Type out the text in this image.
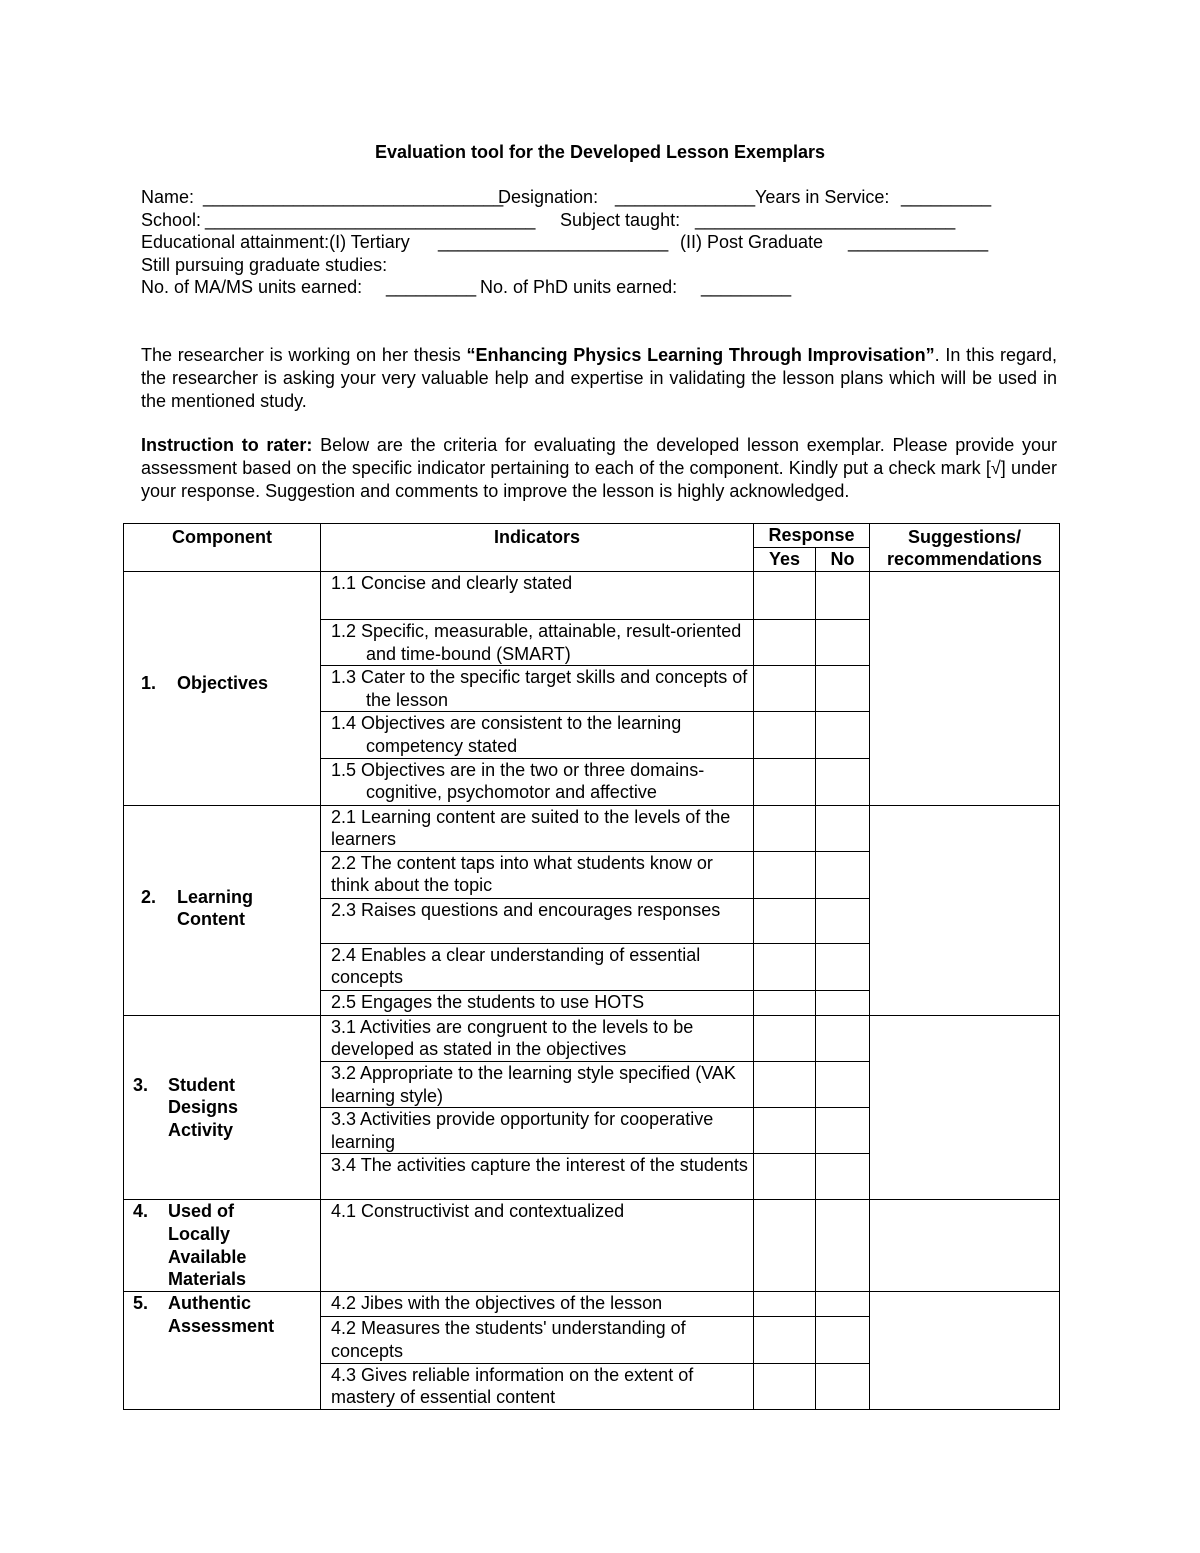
Evaluation tool for the Developed Lesson Exemplars
Name: ______________________________
Designation: ______________ Years in Service: _________
School: _________________________________ Subject taught: __________________________
Educational attainment:(I) Tertiary _______________________ (II) Post Graduate ______________
Still pursuing graduate studies:
No. of MA/MS units earned: _________ No. of PhD units earned: _________
The researcher is working on her thesis “Enhancing Physics Learning Through Improvisation”. In this regard, the researcher is asking your very valuable help and expertise in validating the lesson plans which will be used in the mentioned study.
Instruction to rater: Below are the criteria for evaluating the developed lesson exemplar. Please provide your assessment based on the specific indicator pertaining to each of the component. Kindly put a check mark [√] under your response. Suggestion and comments to improve the lesson is highly acknowledged.
Component	Indicators	Response		Suggestions/
recommendations

		Yes	No	

1. Objectives	1.1 Concise and clearly stated			

	1.2 Specific, measurable, attainable, result-oriented and time-bound (SMART)			

	1.3 Cater to the specific target skills and concepts of the lesson			

	1.4 Objectives are consistent to the learning competency stated			

	1.5 Objectives are in the two or three domains- cognitive, psychomotor and affective			

2. Learning
Content	2.1 Learning content are suited to the levels of the learners			

	2.2 The content taps into what students know or think about the topic			

	2.3 Raises questions and encourages responses			

	2.4 Enables a clear understanding of essential concepts			

	2.5 Engages the students to use HOTS			

3. Student
Designs
Activity	3.1 Activities are congruent to the levels to be developed as stated in the objectives			

	3.2 Appropriate to the learning style specified (VAK learning style)			

	3.3 Activities provide opportunity for cooperative learning			

	3.4 The activities capture the interest of the students			

4. Used of
Locally
Available
Materials	4.1 Constructivist and contextualized			

5. Authentic
Assessment	4.2 Jibes with the objectives of the lesson			

	4.2 Measures the students' understanding of concepts			

	4.3 Gives reliable information on the extent of mastery of essential content			
